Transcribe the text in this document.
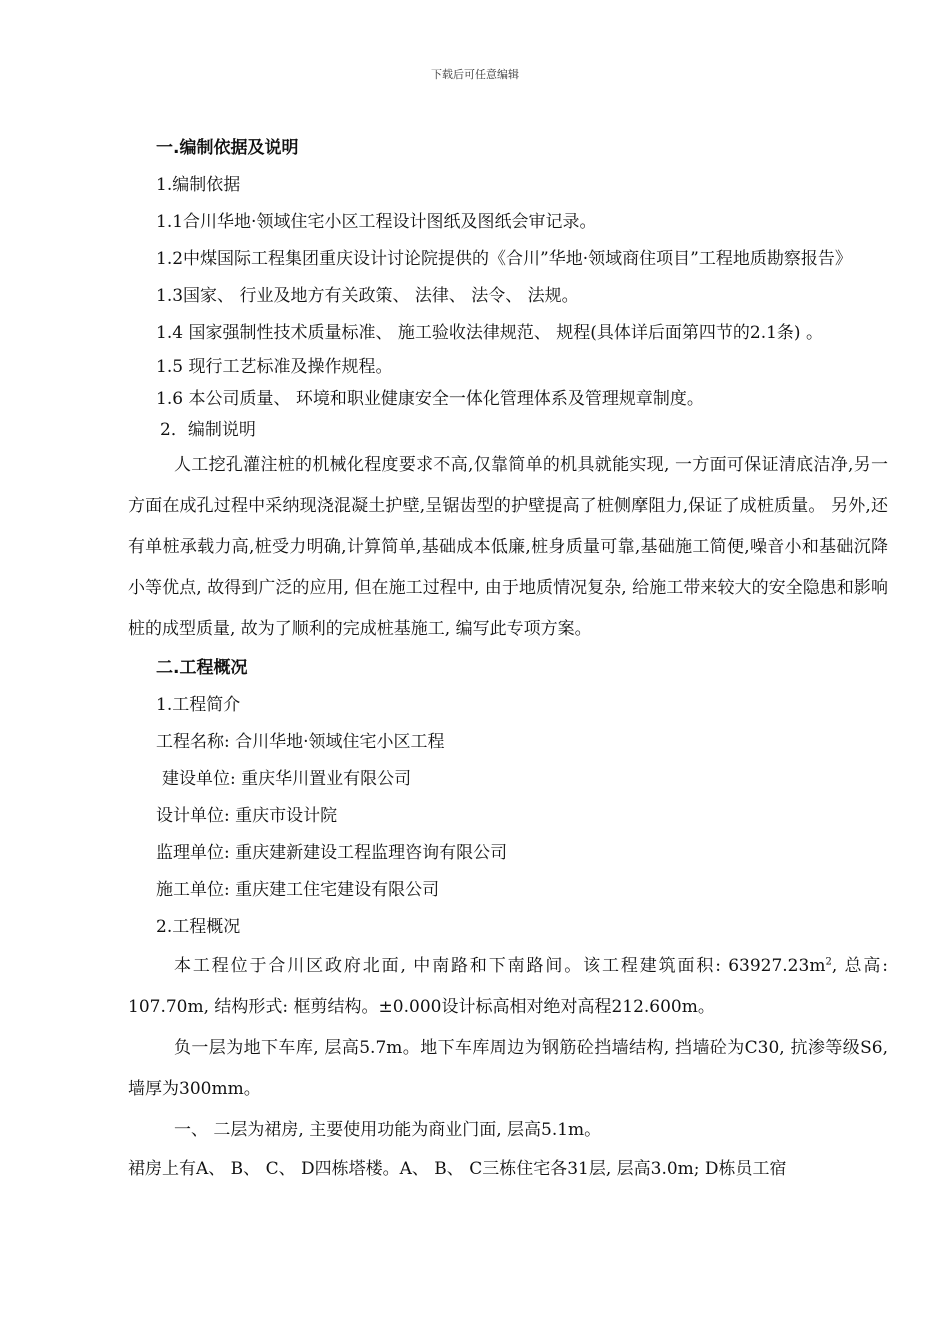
下载后可任意编辑
一.编制依据及说明
1.编制依据
1.1合川华地·领域住宅小区工程设计图纸及图纸会审记录。
1.2中煤国际工程集团重庆设计讨论院提供的《合川”华地·领域商住项目”工程地质勘察报告》
1.3国家、 行业及地方有关政策、 法律、 法令、 法规。
1.4 国家强制性技术质量标准、 施工验收法律规范、 规程(具体详后面第四节的2.1条) 。
1.5 现行工艺标准及操作规程。
1.6 本公司质量、 环境和职业健康安全一体化管理体系及管理规章制度。
2．编制说明
人工挖孔灌注桩的机械化程度要求不高,仅靠简单的机具就能实现, 一方面可保证清底洁净,另一方面在成孔过程中采纳现浇混凝土护壁,呈锯齿型的护壁提高了桩侧摩阻力,保证了成桩质量。 另外,还有单桩承载力高,桩受力明确,计算简单,基础成本低廉,桩身质量可靠,基础施工简便,噪音小和基础沉降小等优点, 故得到广泛的应用, 但在施工过程中, 由于地质情况复杂, 给施工带来较大的安全隐患和影响桩的成型质量, 故为了顺利的完成桩基施工, 编写此专项方案。
二.工程概况
1.工程简介
工程名称: 合川华地·领域住宅小区工程
建设单位: 重庆华川置业有限公司
设计单位: 重庆市设计院
监理单位: 重庆建新建设工程监理咨询有限公司
施工单位: 重庆建工住宅建设有限公司
2.工程概况
本工程位于合川区政府北面, 中南路和下南路间。该工程建筑面积: $63927.23m^2$, 总高: 107.70m, 结构形式: 框剪结构。±0.000设计标高相对绝对高程212.600m。
负一层为地下车库, 层高5.7m。地下车库周边为钢筋砼挡墙结构, 挡墙砼为C30, 抗渗等级S6, 墙厚为300mm。
一、 二层为裙房, 主要使用功能为商业门面, 层高5.1m。
裙房上有A、 B、 C、 D四栋塔楼。A、 B、 C三栋住宅各31层, 层高3.0m; D栋员工宿
